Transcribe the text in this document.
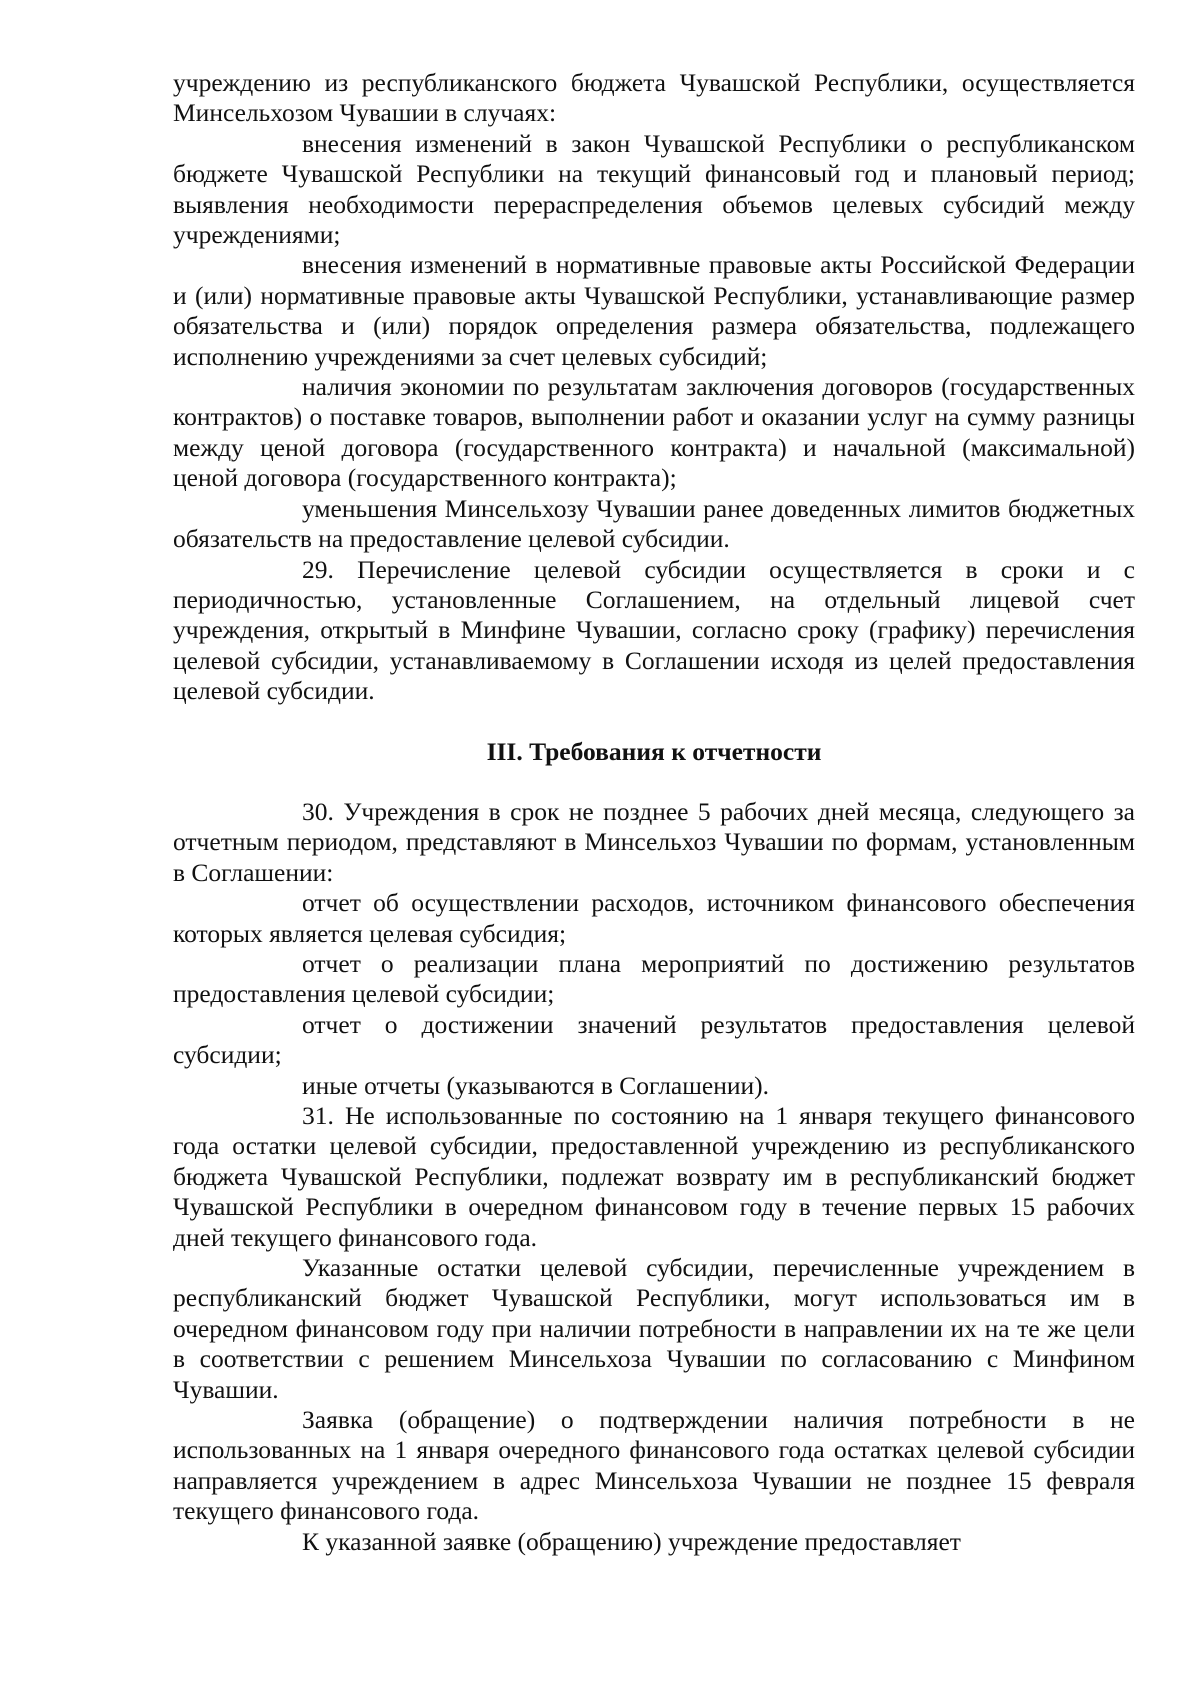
учреждению из республиканского бюджета Чувашской Республики, осуществляется Минсельхозом Чувашии в случаях:

внесения изменений в закон Чувашской Республики о республиканском бюджете Чувашской Республики на текущий финансовый год и плановый период; выявления необходимости перераспределения объемов целевых субсидий между учреждениями;

внесения изменений в нормативные правовые акты Российской Федерации и (или) нормативные правовые акты Чувашской Республики, устанавливающие размер обязательства и (или) порядок определения размера обязательства, подлежащего исполнению учреждениями за счет целевых субсидий;

наличия экономии по результатам заключения договоров (государственных контрактов) о поставке товаров, выполнении работ и оказании услуг на сумму разницы между ценой договора (государственного контракта) и начальной (максимальной) ценой договора (государственного контракта);

уменьшения Минсельхозу Чувашии ранее доведенных лимитов бюджетных обязательств на предоставление целевой субсидии.

29. Перечисление целевой субсидии осуществляется в сроки и с периодичностью, установленные Соглашением, на отдельный лицевой счет учреждения, открытый в Минфине Чувашии, согласно сроку (графику) перечисления целевой субсидии, устанавливаемому в Соглашении исходя из целей предоставления целевой субсидии.

III. Требования к отчетности

30. Учреждения в срок не позднее 5 рабочих дней месяца, следующего за отчетным периодом, представляют в Минсельхоз Чувашии по формам, установленным в Соглашении:

отчет об осуществлении расходов, источником финансового обеспечения которых является целевая субсидия;

отчет о реализации плана мероприятий по достижению результатов предоставления целевой субсидии;

отчет о достижении значений результатов предоставления целевой субсидии;

иные отчеты (указываются в Соглашении).

31. Не использованные по состоянию на 1 января текущего финансового года остатки целевой субсидии, предоставленной учреждению из республиканского бюджета Чувашской Республики, подлежат возврату им в республиканский бюджет Чувашской Республики в очередном финансовом году в течение первых 15 рабочих дней текущего финансового года.

Указанные остатки целевой субсидии, перечисленные учреждением в республиканский бюджет Чувашской Республики, могут использоваться им в очередном финансовом году при наличии потребности в направлении их на те же цели в соответствии с решением Минсельхоза Чувашии по согласованию с Минфином Чувашии.

Заявка (обращение) о подтверждении наличия потребности в не использованных на 1 января очередного финансового года остатках целевой субсидии направляется учреждением в адрес Минсельхоза Чувашии не позднее 15 февраля текущего финансового года.

К указанной заявке (обращению) учреждение предоставляет
